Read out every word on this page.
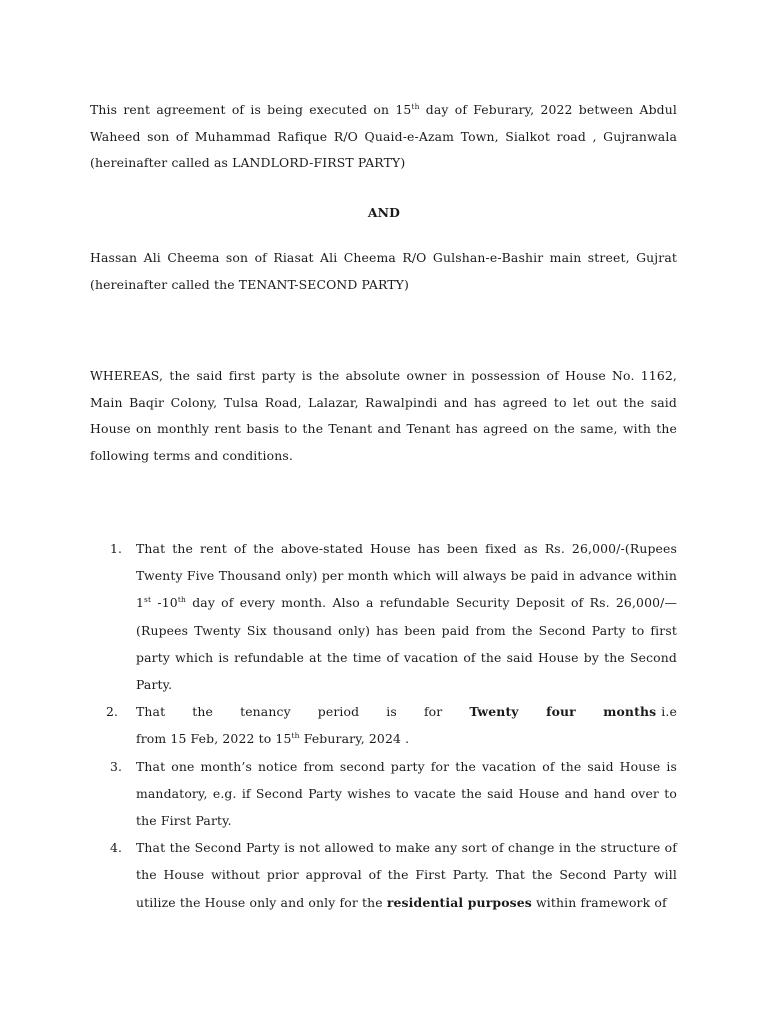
This rent agreement of is being executed on 15th day of Feburary, 2022 between Abdul Waheed son of Muhammad Rafique R/O Quaid-e-Azam Town, Sialkot road , Gujranwala (hereinafter called as LANDLORD-FIRST PARTY)

AND

Hassan Ali Cheema son of Riasat Ali Cheema R/O Gulshan-e-Bashir main street, Gujrat (hereinafter called the TENANT-SECOND PARTY)

WHEREAS, the said first party is the absolute owner in possession of House No. 1162, Main Baqir Colony, Tulsa Road, Lalazar, Rawalpindi and has agreed to let out the said House on monthly rent basis to the Tenant and Tenant has agreed on the same, with the following terms and conditions.

1. That the rent of the above-stated House has been fixed as Rs. 26,000/-(Rupees Twenty Five Thousand only) per month which will always be paid in advance within 1st -10th day of every month. Also a refundable Security Deposit of Rs. 26,000/—(Rupees Twenty Six thousand only) has been paid from the Second Party to first party which is refundable at the time of vacation of the said House by the Second Party.
2. That the tenancy period is for Twenty four months i.e from 15 Feb, 2022 to 15th Feburary, 2024 .
3. That one month’s notice from second party for the vacation of the said House is mandatory, e.g. if Second Party wishes to vacate the said House and hand over to the First Party.
4. That the Second Party is not allowed to make any sort of change in the structure of the House without prior approval of the First Party. That the Second Party will utilize the House only and only for the residential purposes within framework of
